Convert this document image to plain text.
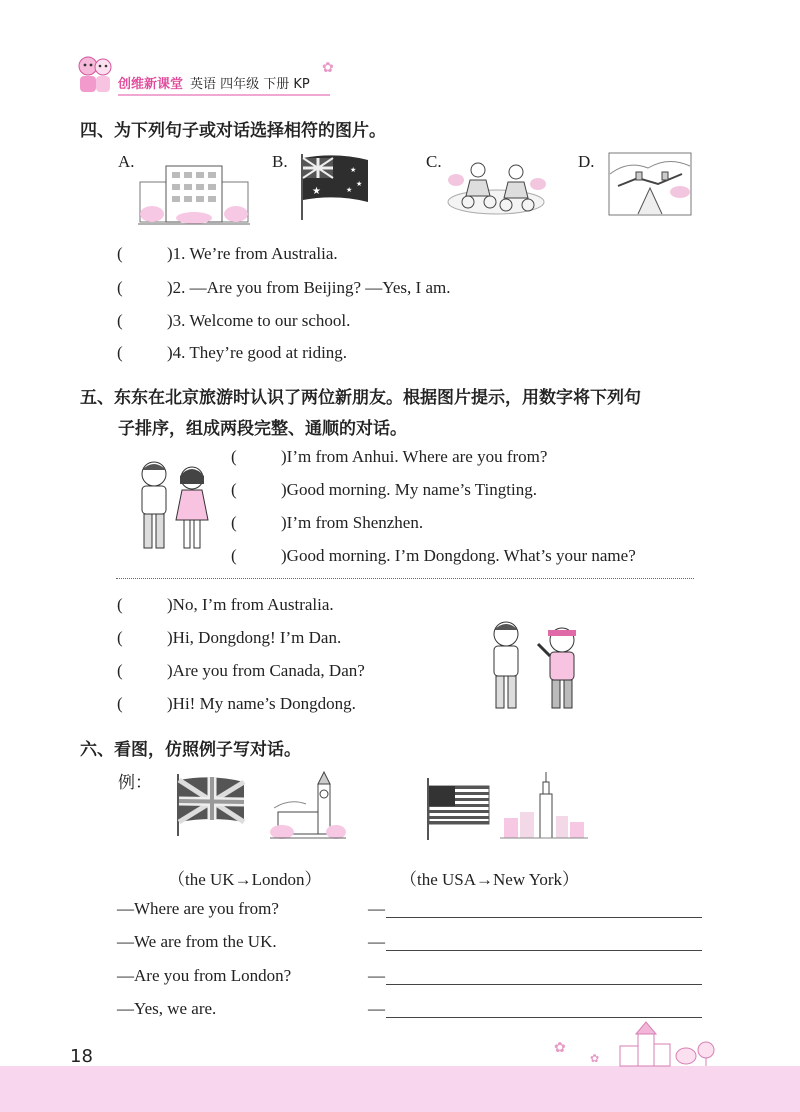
创维新课堂 英语 四年级 下册 KP
✿
四、为下列句子或对话选择相符的图片。
A.	B.
★
★
★
★
C.	D.
(	)1. We’re from Australia.
(	)2. —Are you from Beijing? —Yes, I am.
(	)3. Welcome to our school.
(	)4. They’re good at riding.
五、东东在北京旅游时认识了两位新朋友。根据图片提示，用数字将下列句
子排序，组成两段完整、通顺的对话。
(	)I’m from Anhui. Where are you from?
(	)Good morning. My name’s Tingting.
(	)I’m from Shenzhen.
(	)Good morning. I’m Dongdong. What’s your name?
(	)No, I’m from Australia.
(	)Hi, Dongdong! I’m Dan.
(	)Are you from Canada, Dan?
(	)Hi! My name’s Dongdong.
六、看图，仿照例子写对话。
例：
（the UK→London）	（the USA→New York）
—Where are you from?
—We are from the UK.
—Are you from London?
—Yes, we are.
—
—
—
—
18	✿
✿
